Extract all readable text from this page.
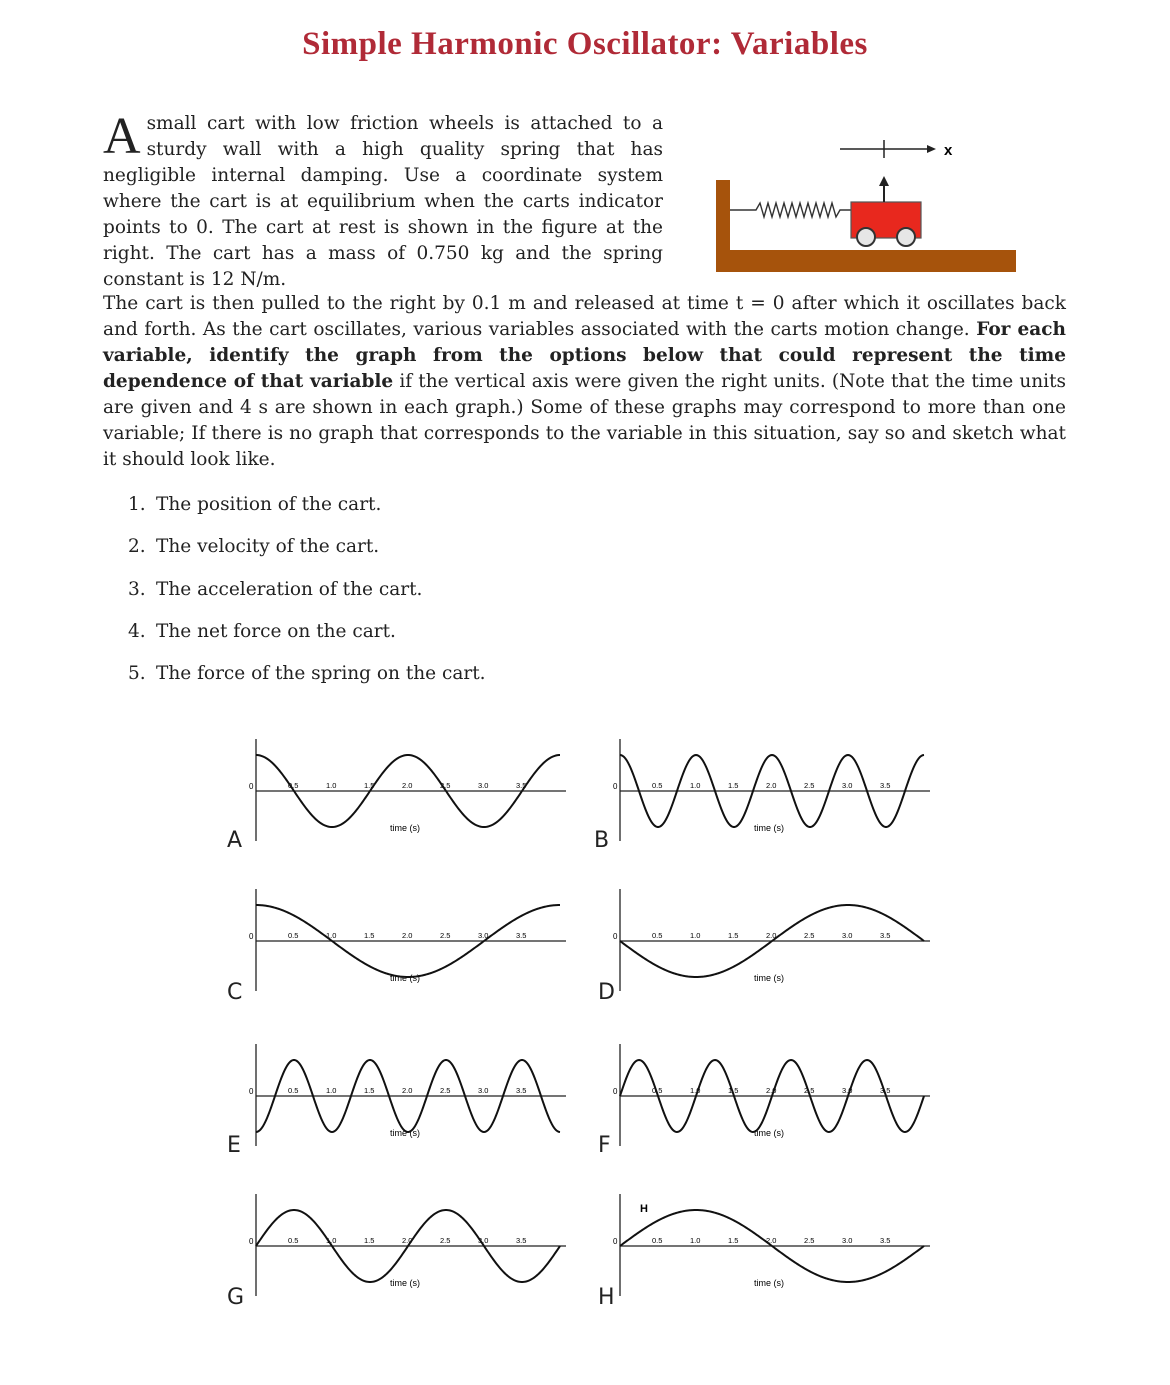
Simple Harmonic Oscillator: Variables
Asmall cart with low friction wheels is attached to a sturdy wall with a high quality spring that has negligible internal damping. Use a coordinate system where the cart is at equilibrium when the carts indicator points to 0. The cart at rest is shown in the figure at the right. The cart has a mass of 0.750 kg and the spring constant is 12 N/m.
x
The cart is then pulled to the right by 0.1 m and released at time t = 0 after which it oscillates back and forth. As the cart oscillates, various variables associated with the carts motion change. For each variable, identify the graph from the options below that could represent the time dependence of that variable if the vertical axis were given the right units. (Note that the time units are given and 4 s are shown in each graph.) Some of these graphs may correspond to more than one variable; If there is no graph that corresponds to the variable in this situation, say so and sketch what it should look like.
1. The position of the cart.
2. The velocity of the cart.
3. The acceleration of the cart.
4. The net force on the cart.
5. The force of the spring on the cart.
0	0.5	1.0	1.5	2.0	2.5	3.0	3.5
time (s)
A
0	0.5	1.0	1.5	2.0	2.5	3.0	3.5
time (s)
B
0	0.5	1.0	1.5	2.0	2.5	3.0	3.5
time (s)
C
0	0.5	1.0	1.5	2.0	2.5	3.0	3.5
time (s)
D
0	0.5	1.0	1.5	2.0	2.5	3.0	3.5
time (s)
E
0	0.5	1.0	1.5	2.0	2.5	3.0	3.5
time (s)
F
0	0.5	1.0	1.5	2.0	2.5	3.0	3.5
time (s)
G
0	0.5	1.0	1.5	2.0	2.5	3.0	3.5
time (s)
H
H
